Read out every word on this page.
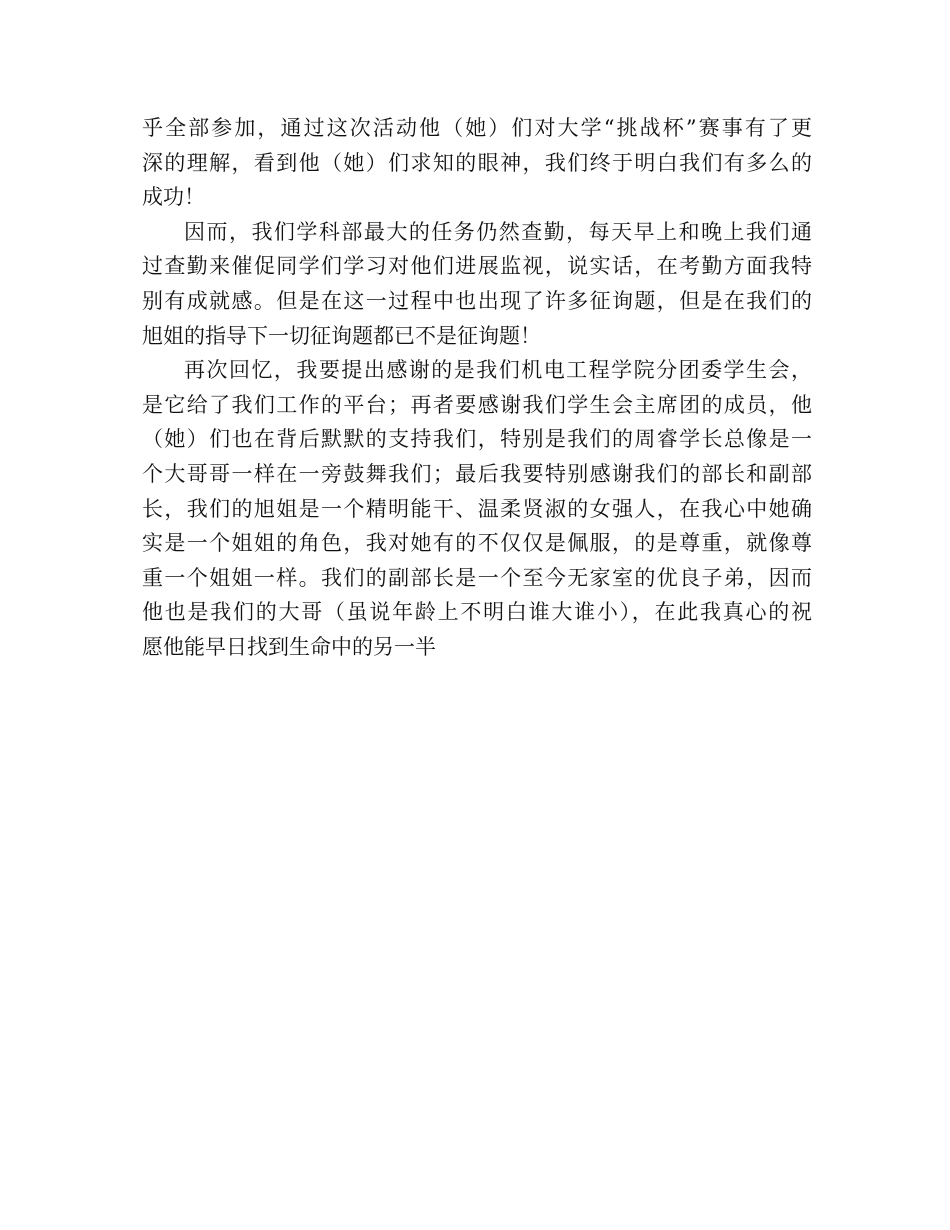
乎全部参加，通过这次活动他（她）们对大学“挑战杯”赛事有了更
深的理解，看到他（她）们求知的眼神，我们终于明白我们有多么的
成功！
因而，我们学科部最大的任务仍然查勤，每天早上和晚上我们通
过查勤来催促同学们学习对他们进展监视，说实话，在考勤方面我特
别有成就感。但是在这一过程中也出现了许多征询题，但是在我们的
旭姐的指导下一切征询题都已不是征询题！
再次回忆，我要提出感谢的是我们机电工程学院分团委学生会，
是它给了我们工作的平台；再者要感谢我们学生会主席团的成员，他
（她）们也在背后默默的支持我们，特别是我们的周睿学长总像是一
个大哥哥一样在一旁鼓舞我们；最后我要特别感谢我们的部长和副部
长，我们的旭姐是一个精明能干、温柔贤淑的女强人，在我心中她确
实是一个姐姐的角色，我对她有的不仅仅是佩服，的是尊重，就像尊
重一个姐姐一样。我们的副部长是一个至今无家室的优良子弟，因而
他也是我们的大哥（虽说年龄上不明白谁大谁小），在此我真心的祝
愿他能早日找到生命中的另一半
